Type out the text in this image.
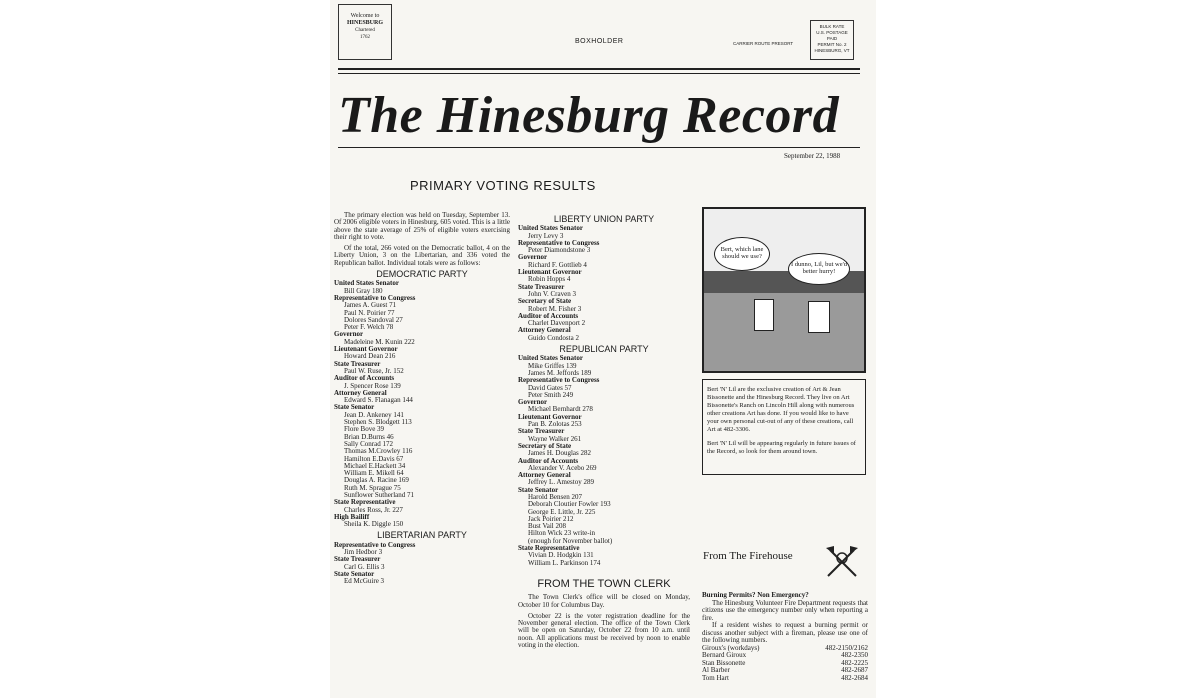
Welcome to
HINESBURG
Chartered
1762
BOXHOLDER	CARRIER ROUTE PRESORT
BULK RATE
U.S. POSTAGE
PAID
PERMIT No. 2
HINESBURG, VT
The Hinesburg Record
September 22, 1988
PRIMARY VOTING RESULTS

The primary election was held on Tuesday, September 13. Of 2006 eligible voters in Hinesburg, 605 voted. This is a little above the state average of 25% of eligible voters exercising their right to vote.

Of the total, 266 voted on the Democratic ballot, 4 on the Liberty Union, 3 on the Libertarian, and 336 voted the Republican ballot. Individual totals were as follows:

DEMOCRATIC PARTY
United States Senator
Bill Gray 180
Representative to Congress
James A. Guest 71
Paul N. Poirier 77
Dolores Sandoval 27
Peter F. Welch 78
Governor
Madeleine M. Kunin 222
Lieutenant Governor
Howard Dean 216
State Treasurer
Paul W. Ruse, Jr. 152
Auditor of Accounts
J. Spencer Rose 139
Attorney General
Edward S. Flanagan 144
State Senator
Jean D. Ankeney 141
Stephen S. Blodgett 113
Flore Bove 39
Brian D.Burns 46
Sally Conrad 172
Thomas M.Crowley 116
Hamilton E.Davis 67
Michael E.Hackett 34
William E. Mikell 64
Douglas A. Racine 169
Ruth M. Sprague 75
Sunflower Sutherland 71
State Representative
Charles Ross, Jr. 227
High Bailiff
Sheila K. Diggle 150
LIBERTARIAN PARTY
Representative to Congress
Jim Hedbor 3
State Treasurer
Carl G. Ellis 3
State Senator
Ed McGuire 3
LIBERTY UNION PARTY
United States Senator
Jerry Levy 3
Representative to Congress
Peter Diamondstone 3
Governor
Richard F. Gottlieb 4
Lieutenant Governor
Robin Hopps 4
State Treasurer
John V. Craven 3
Secretary of State
Robert M. Fisher 3
Auditor of Accounts
Charlet Davenport 2
Attorney General
Guido Condosta 2
REPUBLICAN PARTY
United States Senator
Mike Griffes 139
James M. Jeffords 189
Representative to Congress
David Gates 57
Peter Smith 249
Governor
Michael Bernhardt 278
Lieutenant Governor
Pan B. Zolotas 253
State Treasurer
Wayne Walker 261
Secretary of State
James H. Douglas 282
Auditor of Accounts
Alexander V. Acebo 269
Attorney General
Jeffrey L. Amestoy 289
State Senator
Harold Bensen 207
Deborah Cloutier Fowler 193
George E. Little, Jr. 225
Jack Poirier 212
Bust Vail 208
Hilton Wick 23 write-in
(enough for November ballot)
State Representative
Vivian D. Hodgkin 131
William L. Parkinson 174
FROM THE TOWN CLERK

The Town Clerk's office will be closed on Monday, October 10 for Columbus Day.

October 22 is the voter registration deadline for the November general election. The office of the Town Clerk will be open on Saturday, October 22 from 10 a.m. until noon. All applications must be received by noon to enable voting in the election.

Bert, which lane should we use?
I dunno, Lil, but we'd better hurry!
Bert 'N' Lil are the exclusive creation of Art & Jean Bissonette and the Hinesburg Record. They live on Art Bissonette's Ranch on Lincoln Hill along with numerous other creations Art has done. If you would like to have your own personal cut-out of any of these creations, call Art at 482-3306.
Bert 'N' Lil will be appearing regularly in future issues of the Record, so look for them around town.
From The Firehouse
Burning Permits? Non Emergency?
The Hinesburg Volunteer Fire Department requests that citizens use the emergency number only when reporting a fire.
If a resident wishes to request a burning permit or discuss another subject with a fireman, please use one of the following numbers.
Giroux's (workdays)	482-2150/2162
Bernard Giroux	482-2350
Stan Bissonette	482-2225
Al Barber	482-2687
Tom Hart	482-2684
